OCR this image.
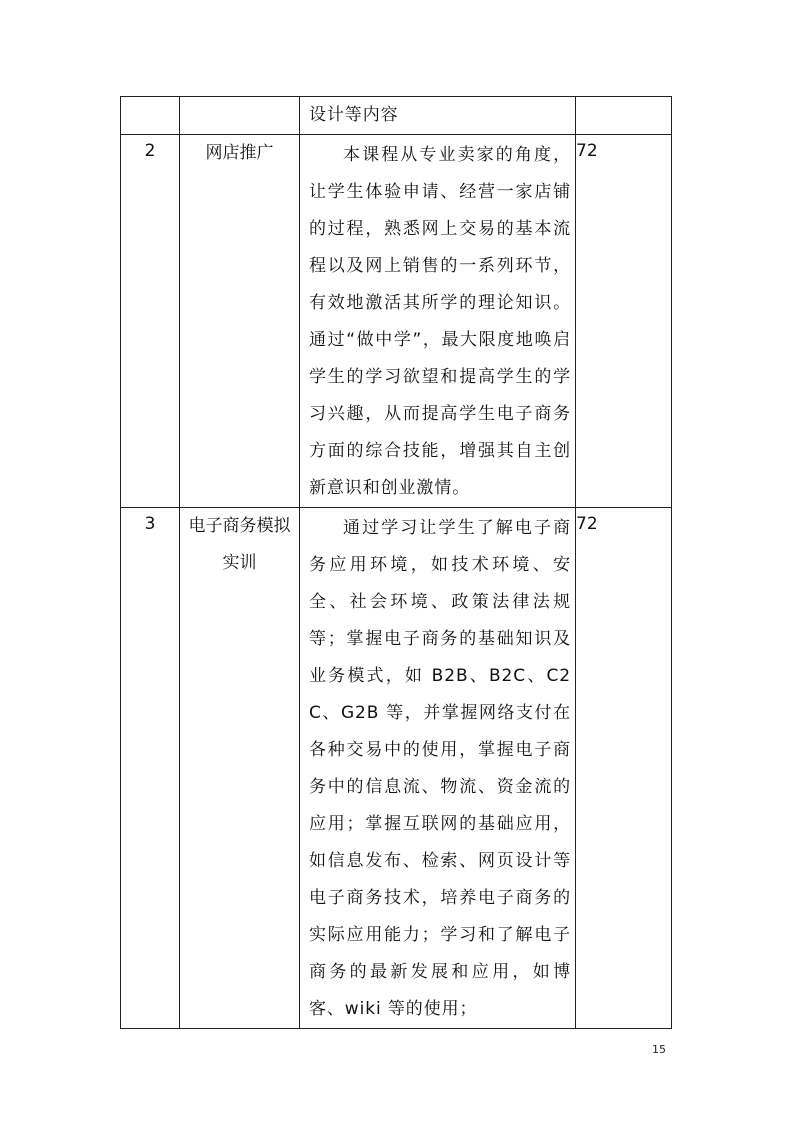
		设计等内容	

2	网店推广	本课程从专业卖家的角度，让学生体验申请、经营一家店铺的过程，熟悉网上交易的基本流程以及网上销售的一系列环节，有效地激活其所学的理论知识。通过“做中学”，最大限度地唤启学生的学习欲望和提高学生的学习兴趣，从而提高学生电子商务方面的综合技能，增强其自主创新意识和创业激情。	72
3	电子商务模拟实训	通过学习让学生了解电子商务应用环境，如技术环境、安全、社会环境、政策法律法规等；掌握电子商务的基础知识及业务模式，如 B2B、B2C、C2C、G2B 等，并掌握网络支付在各种交易中的使用，掌握电子商务中的信息流、物流、资金流的应用；掌握互联网的基础应用，如信息发布、检索、网页设计等电子商务技术，培养电子商务的实际应用能力；学习和了解电子商务的最新发展和应用，如博客、wiki 等的使用；	72
15
